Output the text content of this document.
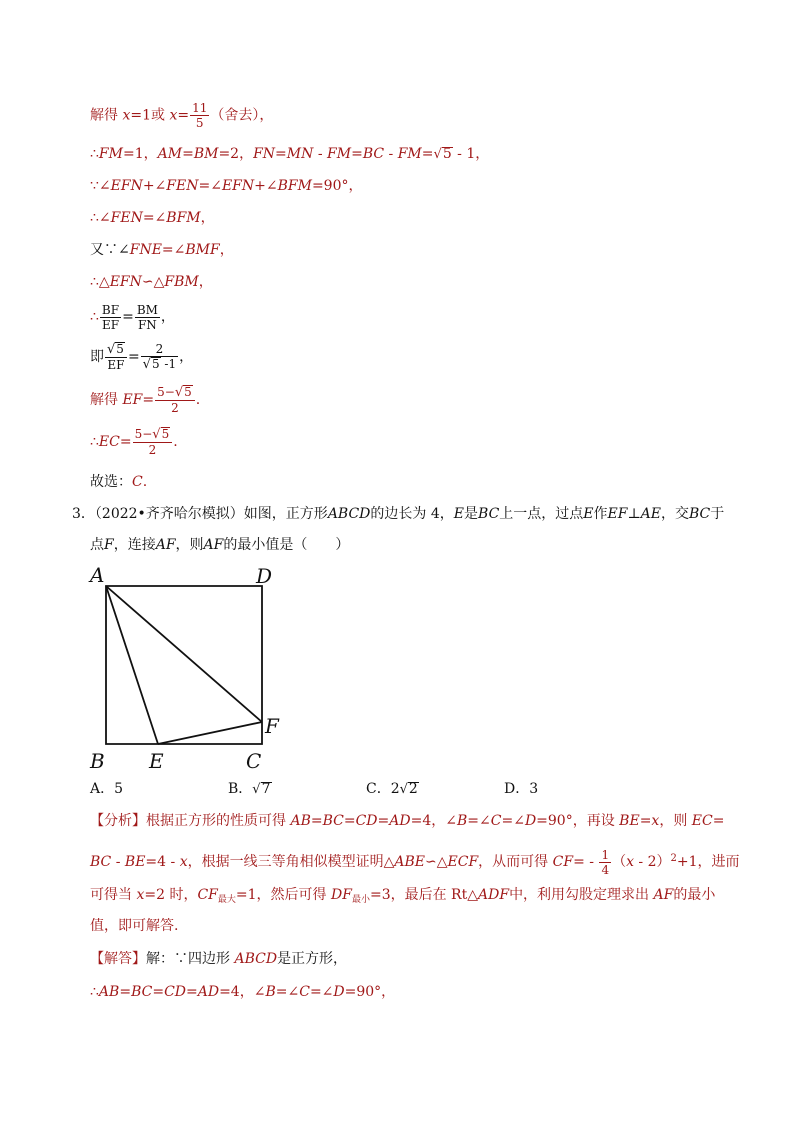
解得 x=1或 $x= \frac{11}{5}$ （舍去），
∴FM=1，AM=BM=2，FN=MN - FM=BC - FM=√5 - 1，
∵∠EFN+∠FEN=∠EFN+∠BFM=90°，
∴∠FEN=∠BFM，
又∵∠FNE=∠BMF，
∴△EFN∽△FBM，
∴ $\frac{BF}{EF} = \frac{BM}{FN}$ ，
即 $\frac{√5}{EF} = \frac{2}{√5 -1}$ ，
解得 $EF= \frac{5-√5}{2}$ .
∴EC= $\frac{5-√5}{2}$ .
故选：C.
3．（2022•齐齐哈尔模拟）如图，正方形ABCD的边长为 4，E是BC上一点，过点E作EF⊥AE，交BC于
点F，连接AF，则AF的最小值是（　　）
A	D
B E	C
F
A．5	B．√7	C．2√2	D．3
【分析】根据正方形的性质可得 AB=BC=CD=AD=4，∠B=∠C=∠D=90°，再设 BE=x，则 EC=
BC - BE=4 - x，根据一线三等角相似模型证明△ABE∽△ECF，从而可得 $CF= - \frac{1}{4} (x - 2)^2+1$，进而
可得当 x=2 时，$CF_{最大}=1$，然后可得 $DF_{最小}=3$，最后在 Rt△ADF中，利用勾股定理求出 AF的最小
值，即可解答.
【解答】解：∵四边形 ABCD是正方形，
∴AB=BC=CD=AD=4，∠B=∠C=∠D=90°，
